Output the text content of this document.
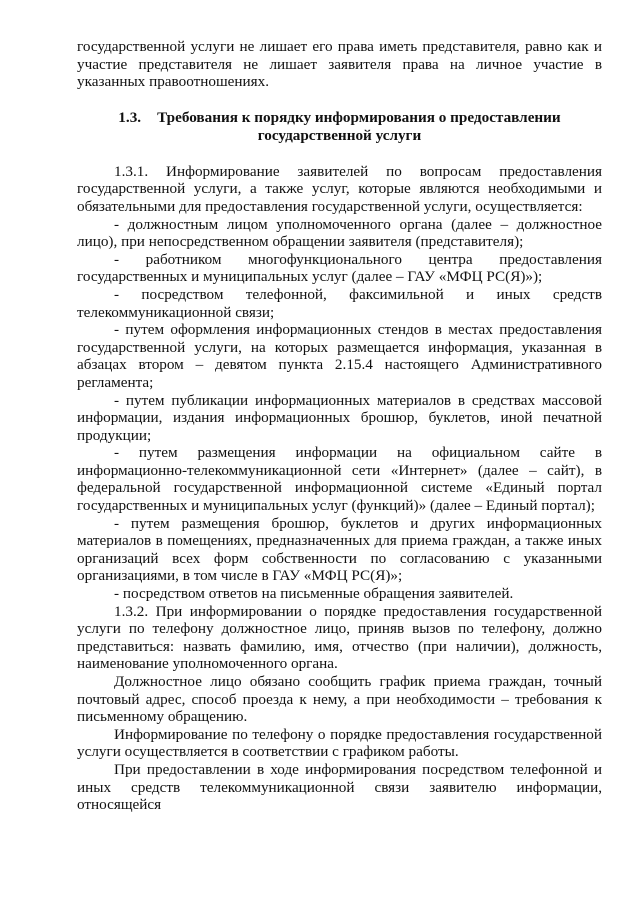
государственной услуги не лишает его права иметь представителя, равно как и участие представителя не лишает заявителя права на личное участие в указанных правоотношениях.

1.3. Требования к порядку информирования о предоставлении государственной услуги

1.3.1. Информирование заявителей по вопросам предоставления государственной услуги, а также услуг, которые являются необходимыми и обязательными для предоставления государственной услуги, осуществляется:

- должностным лицом уполномоченного органа (далее – должностное лицо), при непосредственном обращении заявителя (представителя);

- работником многофункционального центра предоставления государственных и муниципальных услуг (далее – ГАУ «МФЦ РС(Я)»);

- посредством телефонной, факсимильной и иных средств телекоммуникационной связи;

- путем оформления информационных стендов в местах предоставления государственной услуги, на которых размещается информация, указанная в абзацах втором – девятом пункта 2.15.4 настоящего Административного регламента;

- путем публикации информационных материалов в средствах массовой информации, издания информационных брошюр, буклетов, иной печатной продукции;

- путем размещения информации на официальном сайте в информационно-телекоммуникационной сети «Интернет» (далее – сайт), в федеральной государственной информационной системе «Единый портал государственных и муниципальных услуг (функций)» (далее – Единый портал);

- путем размещения брошюр, буклетов и других информационных материалов в помещениях, предназначенных для приема граждан, а также иных организаций всех форм собственности по согласованию с указанными организациями, в том числе в ГАУ «МФЦ РС(Я)»;

- посредством ответов на письменные обращения заявителей.

1.3.2. При информировании о порядке предоставления государственной услуги по телефону должностное лицо, приняв вызов по телефону, должно представиться: назвать фамилию, имя, отчество (при наличии), должность, наименование уполномоченного органа.

Должностное лицо обязано сообщить график приема граждан, точный почтовый адрес, способ проезда к нему, а при необходимости – требования к письменному обращению.

Информирование по телефону о порядке предоставления государственной услуги осуществляется в соответствии с графиком работы.

При предоставлении в ходе информирования посредством телефонной и иных средств телекоммуникационной связи заявителю информации, относящейся
